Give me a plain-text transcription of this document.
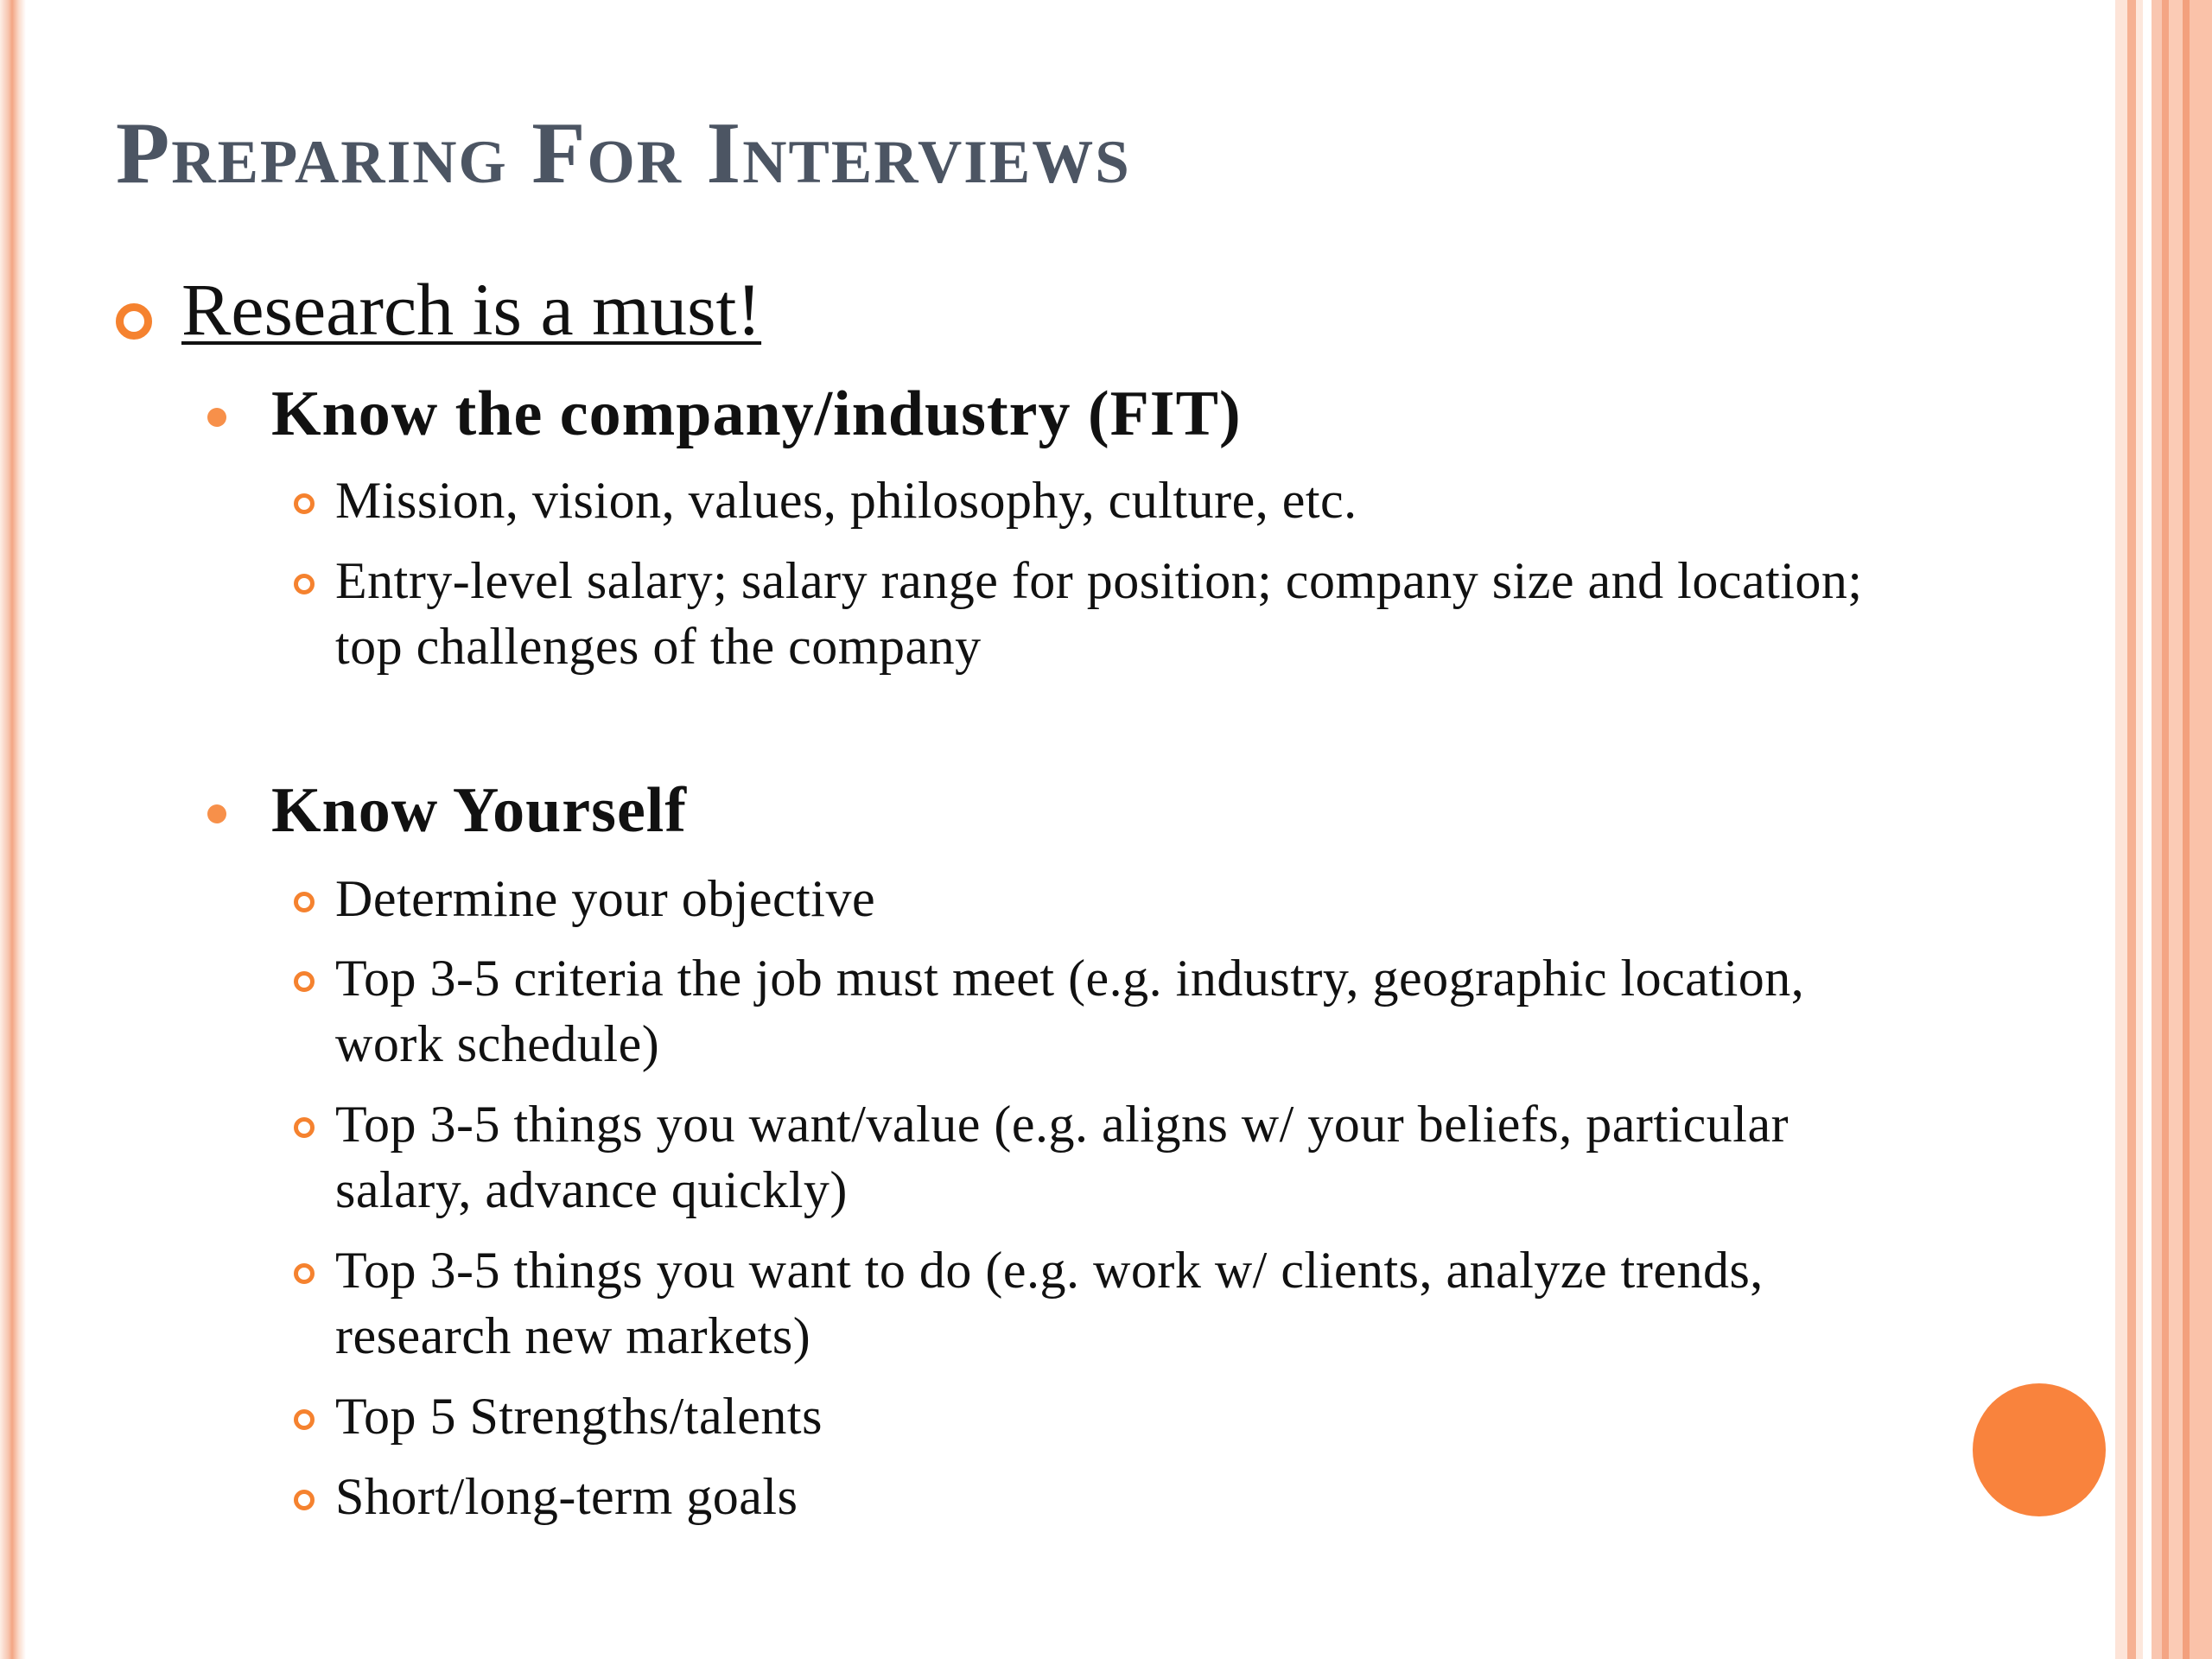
Preparing For Interviews
Research is a must!
Know the company/industry (FIT)
Mission, vision, values, philosophy, culture, etc.
Entry-level salary; salary range for position; company size and location; top challenges of the company
Know Yourself
Determine your objective
Top 3-5 criteria the job must meet (e.g. industry, geographic location, work schedule)
Top 3-5 things you want/value (e.g. aligns w/ your beliefs, particular salary, advance quickly)
Top 3-5 things you want to do (e.g. work w/ clients, analyze trends, research new markets)
Top 5 Strengths/talents
Short/long-term goals
